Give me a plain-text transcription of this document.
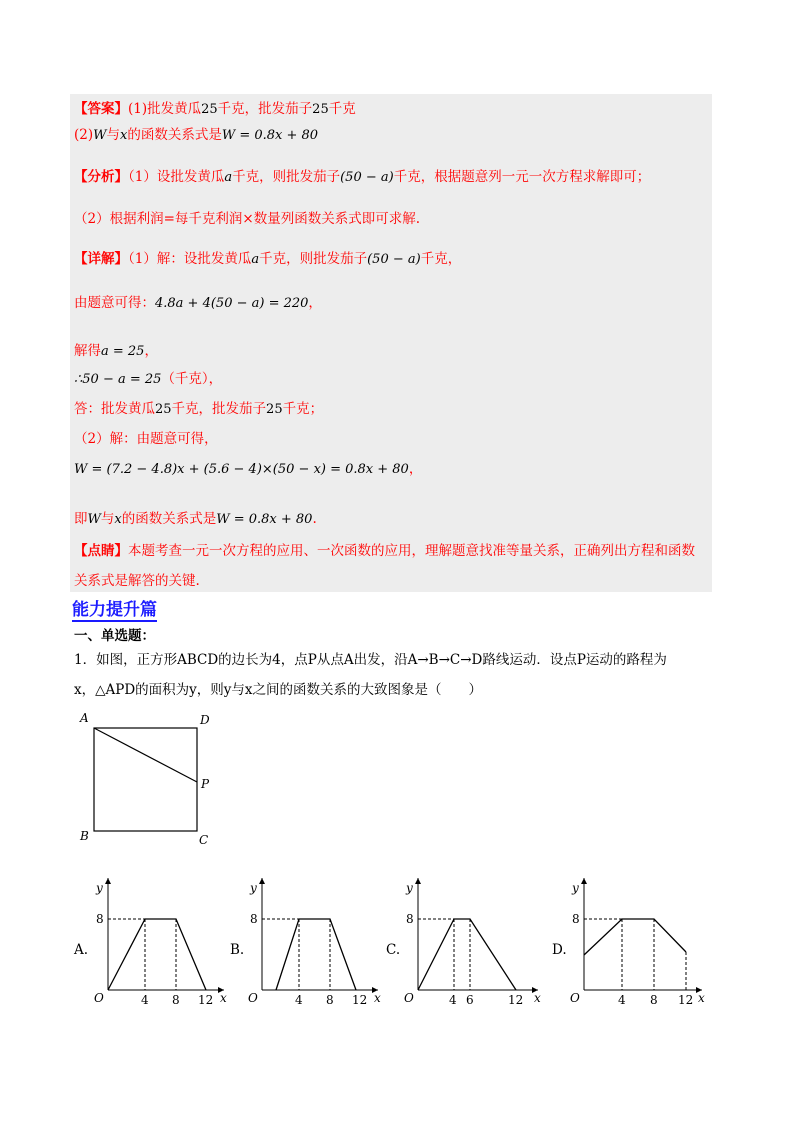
【答案】(1)批发黄瓜25千克，批发茄子25千克
(2)W与x的函数关系式是W = 0.8x + 80
【分析】（1）设批发黄瓜a千克，则批发茄子(50 − a)千克，根据题意列一元一次方程求解即可；
（2）根据利润=每千克利润×数量列函数关系式即可求解.
【详解】（1）解：设批发黄瓜a千克，则批发茄子(50 − a)千克，
由题意可得：4.8a + 4(50 − a) = 220，
解得a = 25，
∴50 − a = 25（千克），
答：批发黄瓜25千克，批发茄子25千克；
（2）解：由题意可得，
W = (7.2 − 4.8)x + (5.6 − 4)×(50 − x) = 0.8x + 80，
即W与x的函数关系式是W = 0.8x + 80.
【点睛】本题考查一元一次方程的应用、一次函数的应用，理解题意找准等量关系，正确列出方程和函数
关系式是解答的关键.
能力提升篇
一、单选题：
1．如图，正方形ABCD的边长为4，点P从点A出发，沿A→B→C→D路线运动．设点P运动的路程为
x，△APD的面积为y，则y与x之间的函数关系的大致图象是（　　）
A	D
P
B	C
A.
y
8
O	4 8 12 x
B.
y
8
O	4 8 12 x
C.
y
8
O	4 6	12 x
D.
y
8
O	4 8 12 x
